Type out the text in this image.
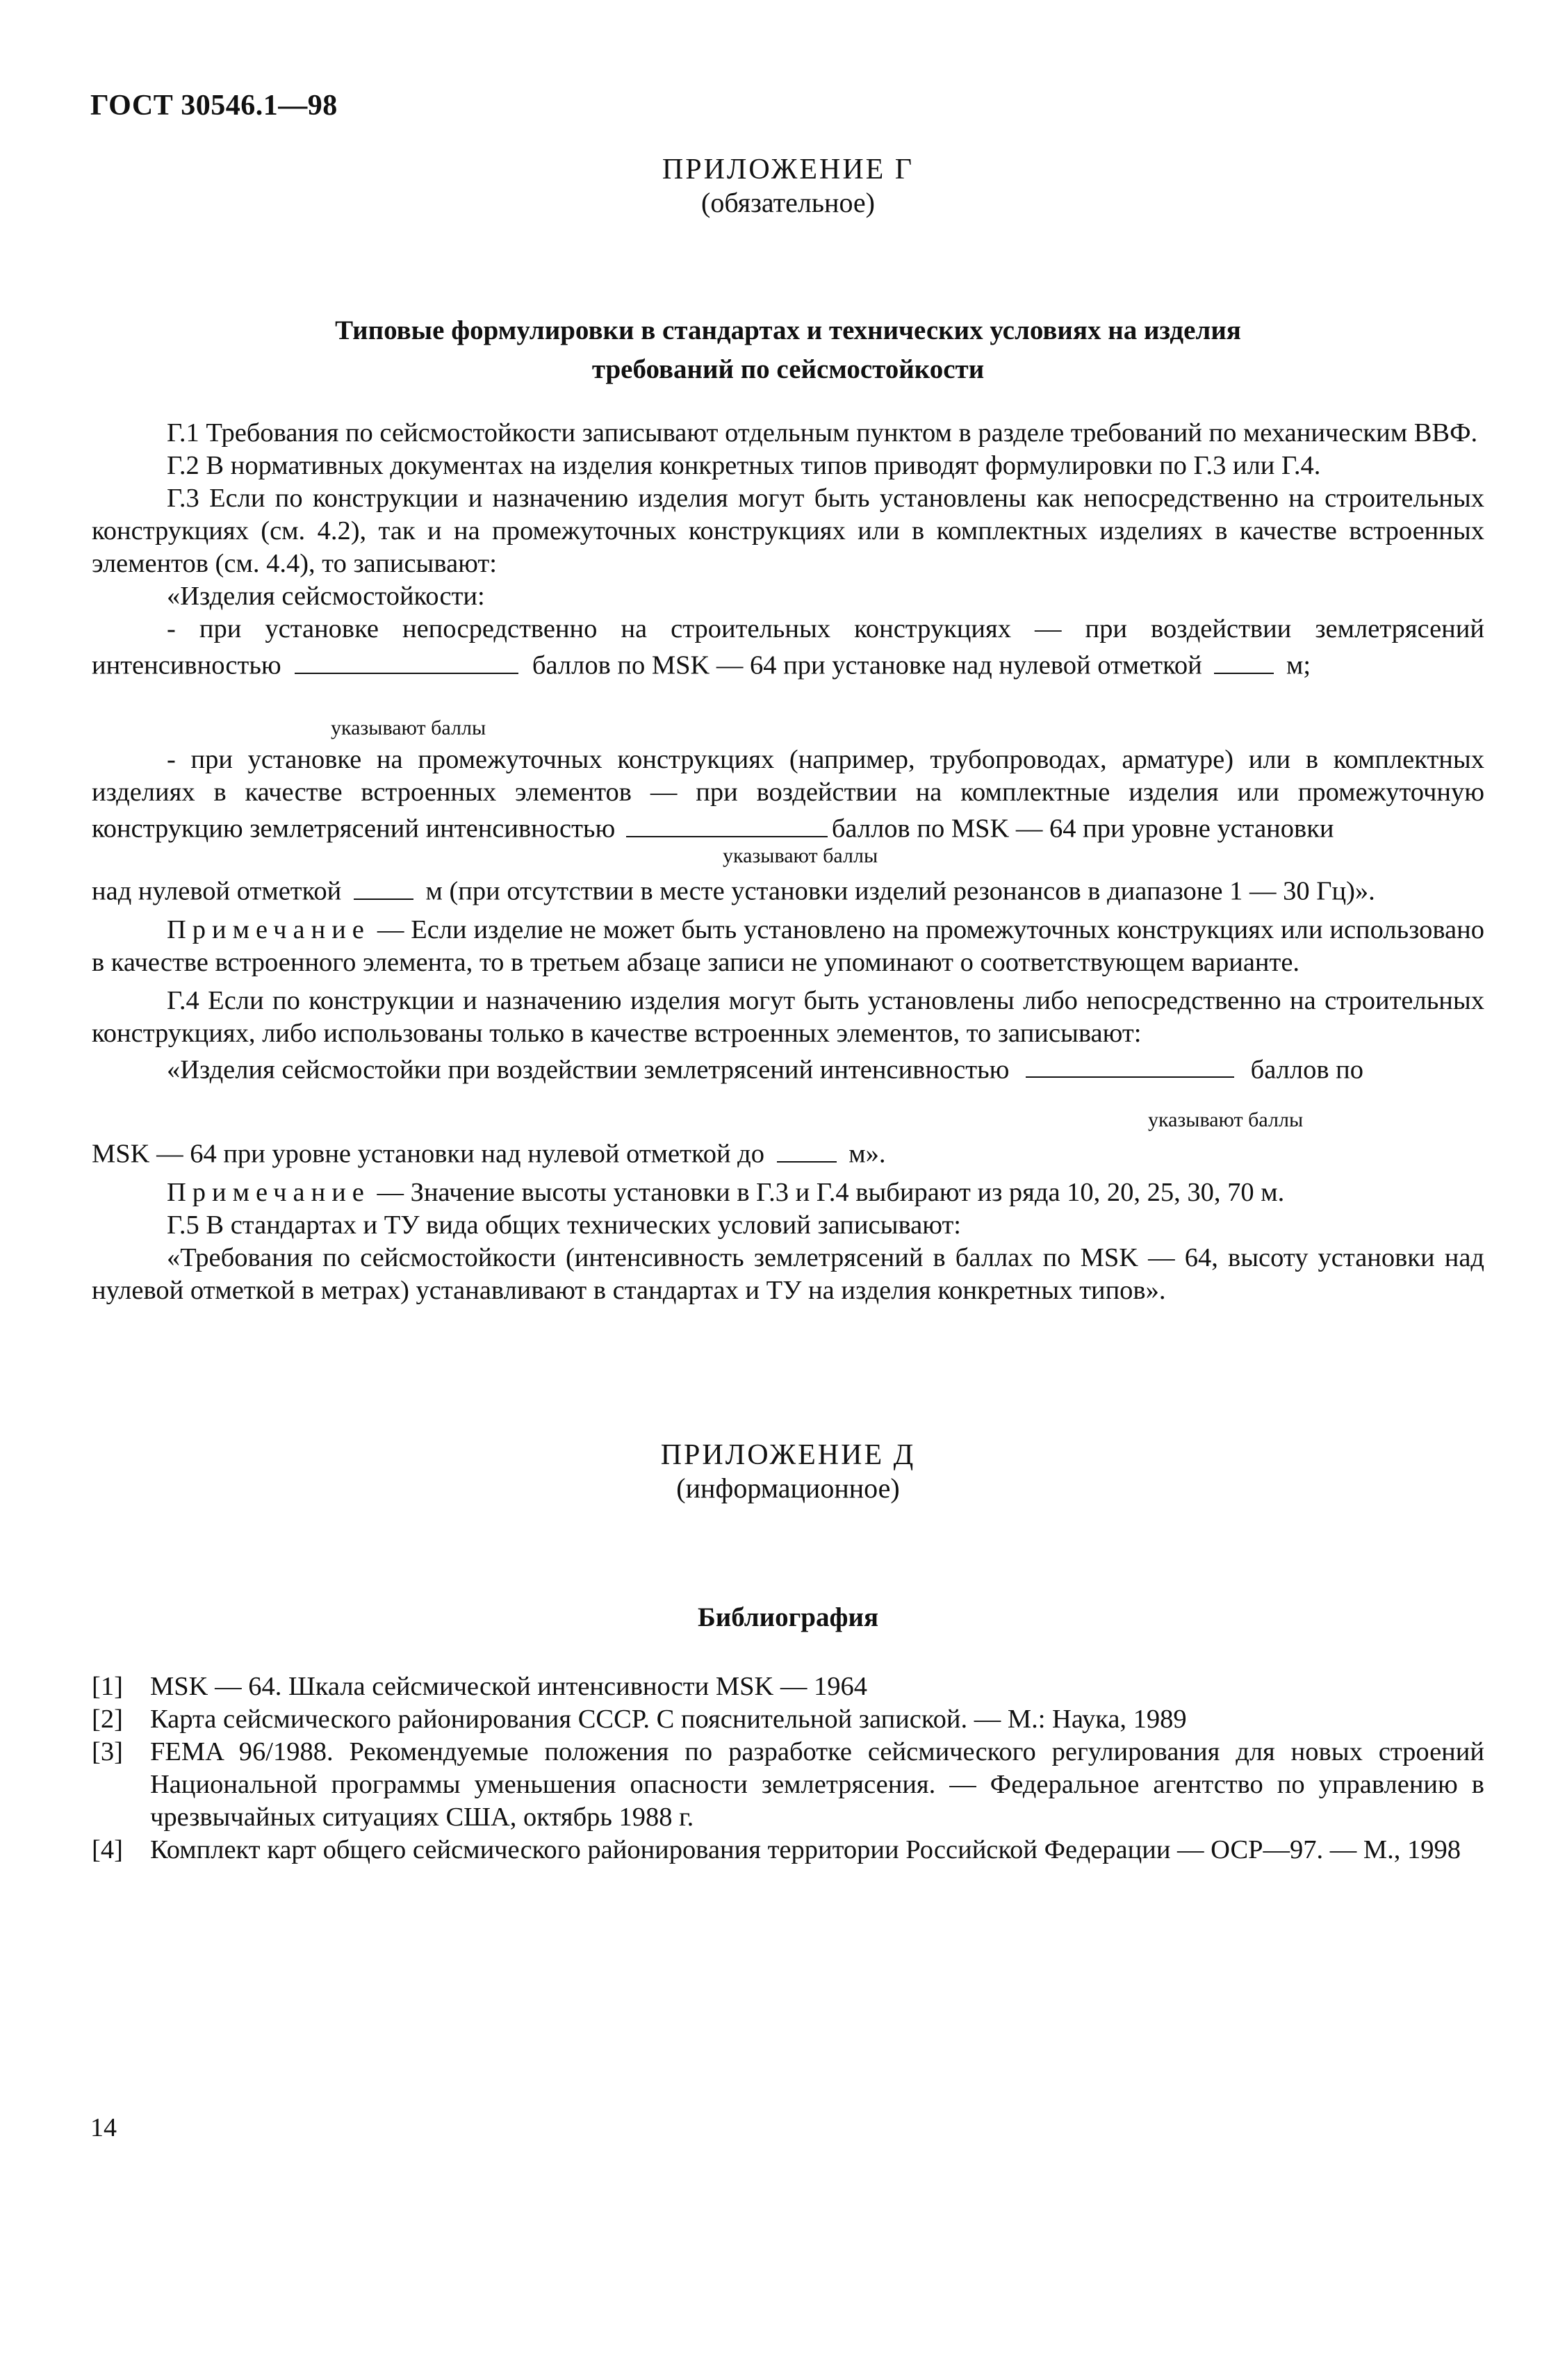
ГОСТ 30546.1—98
ПРИЛОЖЕНИЕ Г
(обязательное)
Типовые формулировки в стандартах и технических условиях на изделия
требований по сейсмостойкости

Г.1 Требования по сейсмостойкости записывают отдельным пунктом в разделе требований по механическим ВВФ.

Г.2 В нормативных документах на изделия конкретных типов приводят формулировки по Г.3 или Г.4.

Г.3 Если по конструкции и назначению изделия могут быть установлены как непосредственно на строительных конструкциях (см. 4.2), так и на промежуточных конструкциях или в комплектных изделиях в качестве встроенных элементов (см. 4.4), то записывают:

«Изделия сейсмостойкости:

- при установке непосредственно на строительных конструкциях — при воздействии землетрясений

интенсивностью	баллов по MSK — 64 при установке над нулевой отметкой	м;

указывают баллы

- при установке на промежуточных конструкциях (например, трубопроводах, арматуре) или в комплектных изделиях в качестве встроенных элементов — при воздействии на комплектные изделия или промежуточную конструкцию землетрясений интенсивностью	баллов по MSK — 64 при уровне установки

указывают баллы

над нулевой отметкой	м (при отсутствии в месте установки изделий резонансов в диапазоне 1 — 30 Гц)».

Примечание — Если изделие не может быть установлено на промежуточных конструкциях или использовано в качестве встроенного элемента, то в третьем абзаце записи не упоминают о соответствующем варианте.

Г.4 Если по конструкции и назначению изделия могут быть установлены либо непосредственно на строительных конструкциях, либо использованы только в качестве встроенных элементов, то записывают:

«Изделия сейсмостойки при воздействии землетрясений интенсивностью	баллов по

указывают баллы

MSK — 64 при уровне установки над нулевой отметкой до	м».

Примечание — Значение высоты установки в Г.3 и Г.4 выбирают из ряда 10, 20, 25, 30, 70 м.

Г.5 В стандартах и ТУ вида общих технических условий записывают:

«Требования по сейсмостойкости (интенсивность землетрясений в баллах по MSK — 64, высоту установки над нулевой отметкой в метрах) устанавливают в стандартах и ТУ на изделия конкретных типов».

ПРИЛОЖЕНИЕ Д
(информационное)
Библиография
[1]	MSK — 64. Шкала сейсмической интенсивности MSK — 1964
[2]	Карта сейсмического районирования СССР. С пояснительной запиской. — М.: Наука, 1989
[3]	FEMA 96/1988. Рекомендуемые положения по разработке сейсмического регулирования для новых строений Национальной программы уменьшения опасности землетрясения. — Федеральное агентство по управлению в чрезвычайных ситуациях США, октябрь 1988 г.
[4]	Комплект карт общего сейсмического районирования территории Российской Федерации — ОСР—97. — М., 1998
14
